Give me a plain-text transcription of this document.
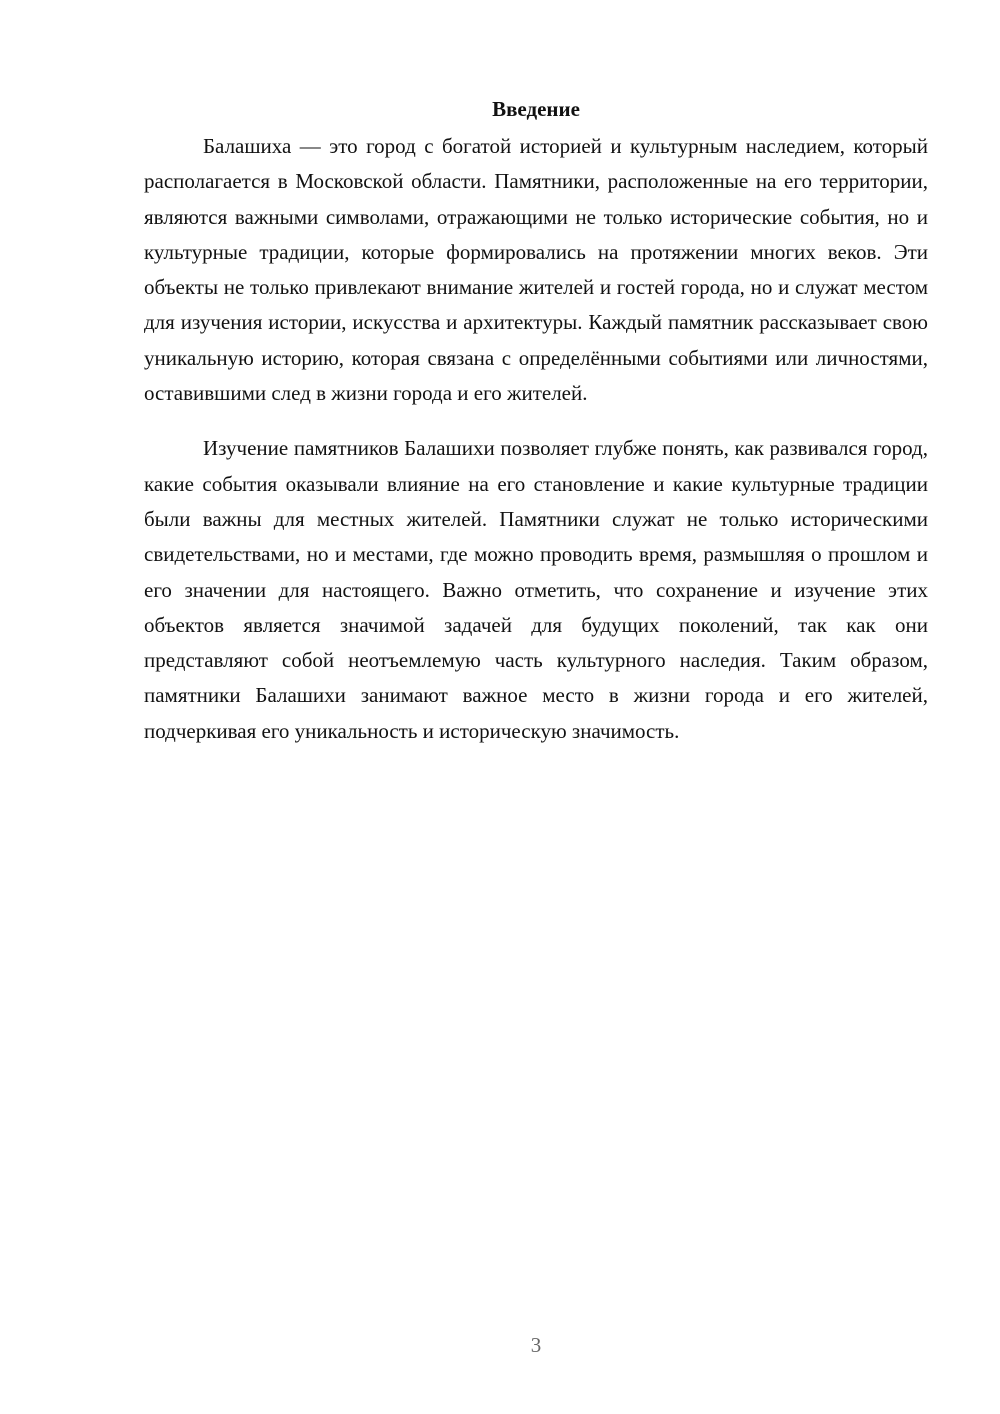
Введение

Балашиха — это город с богатой историей и культурным наследием, который располагается в Московской области. Памятники, расположенные на его территории, являются важными символами, отражающими не только исторические события, но и культурные традиции, которые формировались на протяжении многих веков. Эти объекты не только привлекают внимание жителей и гостей города, но и служат местом для изучения истории, искусства и архитектуры. Каждый памятник рассказывает свою уникальную историю, которая связана с определёнными событиями или личностями, оставившими след в жизни города и его жителей.

Изучение памятников Балашихи позволяет глубже понять, как развивался город, какие события оказывали влияние на его становление и какие культурные традиции были важны для местных жителей. Памятники служат не только историческими свидетельствами, но и местами, где можно проводить время, размышляя о прошлом и его значении для настоящего. Важно отметить, что сохранение и изучение этих объектов является значимой задачей для будущих поколений, так как они представляют собой неотъемлемую часть культурного наследия. Таким образом, памятники Балашихи занимают важное место в жизни города и его жителей, подчеркивая его уникальность и историческую значимость.

3
